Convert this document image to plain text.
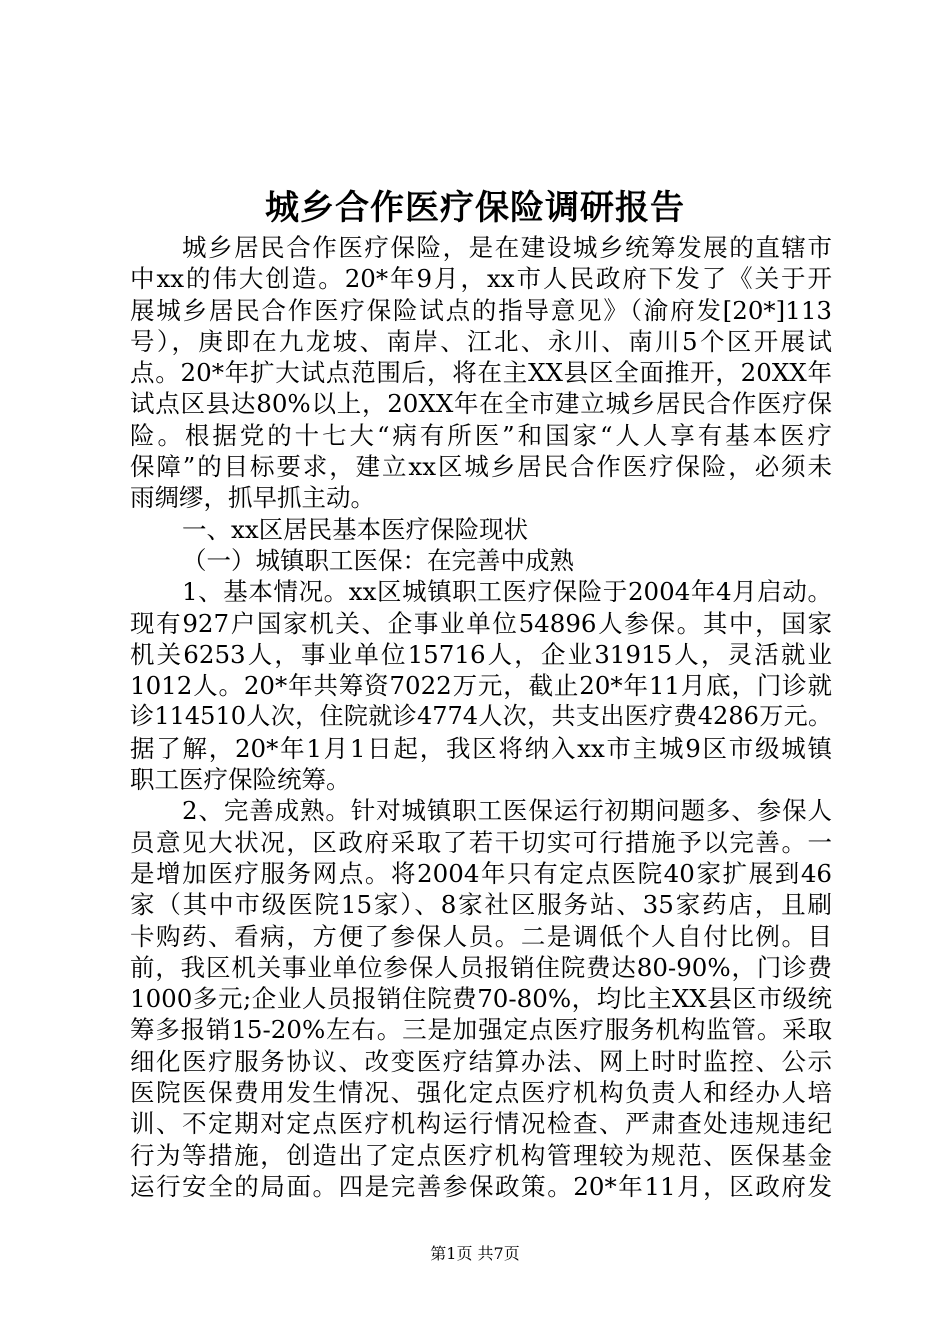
城乡合作医疗保险调研报告
城乡居民合作医疗保险，是在建设城乡统筹发展的直辖市
中xx的伟大创造。20*年9月，xx市人民政府下发了《关于开
展城乡居民合作医疗保险试点的指导意见》（渝府发[20*]113
号），庚即在九龙坡、南岸、江北、永川、南川5个区开展试
点。20*年扩大试点范围后，将在主XX县区全面推开，20XX年
试点区县达80%以上，20XX年在全市建立城乡居民合作医疗保
险。根据党的十七大“病有所医”和国家“人人享有基本医疗
保障”的目标要求，建立xx区城乡居民合作医疗保险，必须未
雨绸缪，抓早抓主动。
一、xx区居民基本医疗保险现状
（一）城镇职工医保：在完善中成熟
1、基本情况。xx区城镇职工医疗保险于2004年4月启动。
现有927户国家机关、企事业单位54896人参保。其中，国家
机关6253人，事业单位15716人，企业31915人，灵活就业
1012人。20*年共筹资7022万元，截止20*年11月底，门诊就
诊114510人次，住院就诊4774人次，共支出医疗费4286万元。
据了解，20*年1月1日起，我区将纳入xx市主城9区市级城镇
职工医疗保险统筹。
2、完善成熟。针对城镇职工医保运行初期问题多、参保人
员意见大状况，区政府采取了若干切实可行措施予以完善。一
是增加医疗服务网点。将2004年只有定点医院40家扩展到46
家（其中市级医院15家）、8家社区服务站、35家药店，且刷
卡购药、看病，方便了参保人员。二是调低个人自付比例。目
前，我区机关事业单位参保人员报销住院费达80-90%，门诊费
1000多元;企业人员报销住院费70-80%，均比主XX县区市级统
筹多报销15-20%左右。三是加强定点医疗服务机构监管。采取
细化医疗服务协议、改变医疗结算办法、网上时时监控、公示
医院医保费用发生情况、强化定点医疗机构负责人和经办人培
训、不定期对定点医疗机构运行情况检查、严肃查处违规违纪
行为等措施，创造出了定点医疗机构管理较为规范、医保基金
运行安全的局面。四是完善参保政策。20*年11月，区政府发
第1页 共7页
